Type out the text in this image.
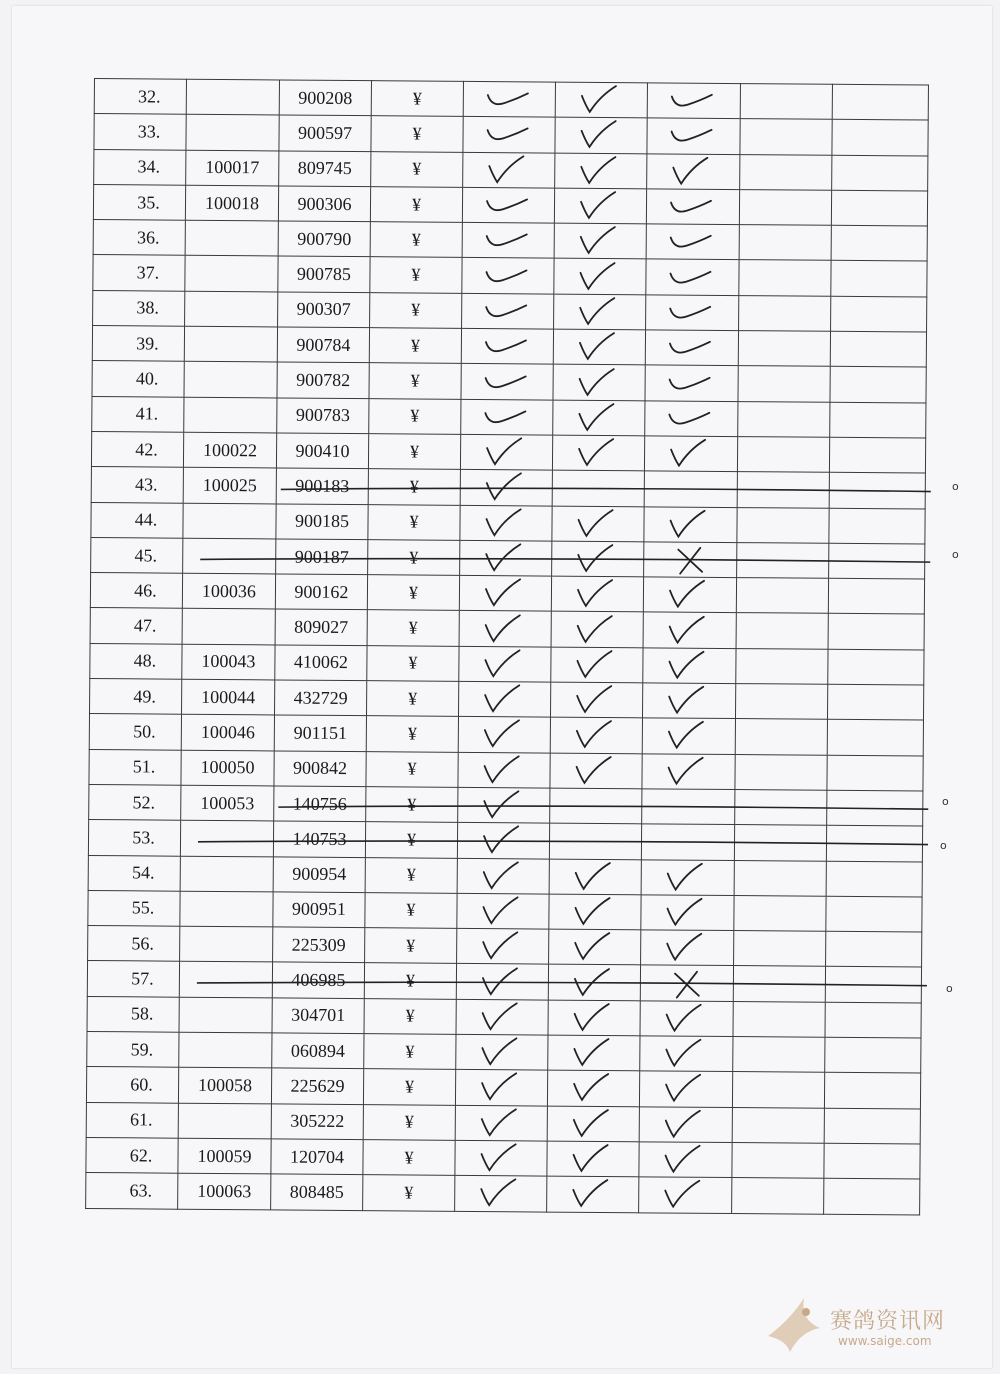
32.		900208	¥	

33.		900597	¥	

34.	100017	809745	¥	

35.	100018	900306	¥	

36.		900790	¥	

37.		900785	¥	

38.		900307	¥	

39.		900784	¥	

40.		900782	¥	

41.		900783	¥	

42.	100022	900410	¥	

43.	100025	900183	¥	

44.		900185	¥	

45.		900187	¥	

46.	100036	900162	¥	

47.		809027	¥	

48.	100043	410062	¥	

49.	100044	432729	¥	

50.	100046	901151	¥	

51.	100050	900842	¥	

52.	100053	140756	¥	

53.		140753	¥	

54.		900954	¥	

55.		900951	¥	

56.		225309	¥	

57.		406985	¥	

58.		304701	¥	

59.		060894	¥	

60.	100058	225629	¥	

61.		305222	¥	

62.	100059	120704	¥	

63.	100063	808485	¥	

o
o
o
o
o
赛鸽资讯网
www.saige.com
